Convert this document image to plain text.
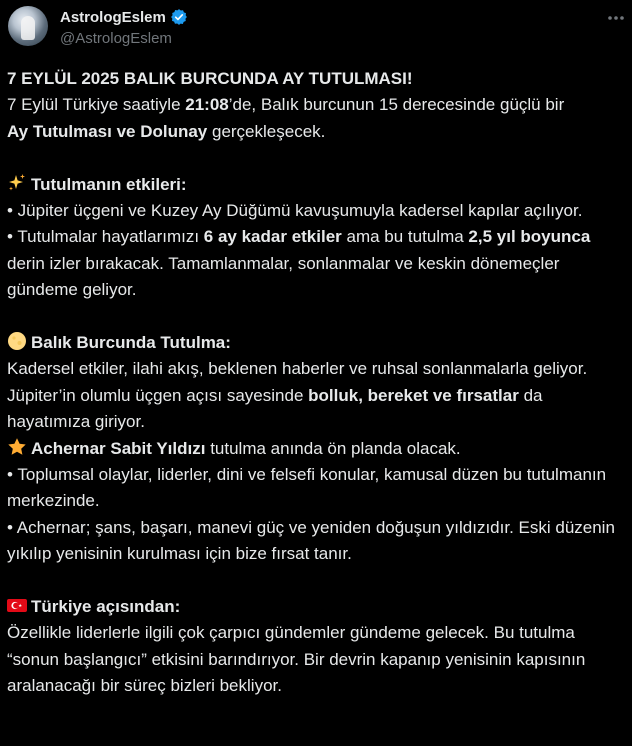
AstrologEslem
@AstrologEslem

7 EYLÜL 2025 BALIK BURCUNDA AY TUTULMASI!

7 Eylül Türkiye saatiyle 21:08’de, Balık burcunun 15 derecesinde güçlü bir
Ay Tutulması ve Dolunay gerçekleşecek.

Tutulmanın etkileri:

• Jüpiter üçgeni ve Kuzey Ay Düğümü kavuşumuyla kadersel kapılar açılıyor.

• Tutulmalar hayatlarımızı 6 ay kadar etkiler ama bu tutulma 2,5 yıl boyunca derin izler bırakacak. Tamamlanmalar, sonlanmalar ve keskin dönemeçler gündeme geliyor.

Balık Burcunda Tutulma:

Kadersel etkiler, ilahi akış, beklenen haberler ve ruhsal sonlanmalarla geliyor. Jüpiter’in olumlu üçgen açısı sayesinde bolluk, bereket ve fırsatlar da hayatımıza giriyor.

Achernar Sabit Yıldızı tutulma anında ön planda olacak.

• Toplumsal olaylar, liderler, dini ve felsefi konular, kamusal düzen bu tutulmanın merkezinde.

• Achernar; şans, başarı, manevi güç ve yeniden doğuşun yıldızıdır. Eski düzenin yıkılıp yenisinin kurulması için bize fırsat tanır.

Türkiye açısından:

Özellikle liderlerle ilgili çok çarpıcı gündemler gündeme gelecek. Bu tutulma “sonun başlangıcı” etkisini barındırıyor. Bir devrin kapanıp yenisinin kapısının aralanacağı bir süreç bizleri bekliyor.
